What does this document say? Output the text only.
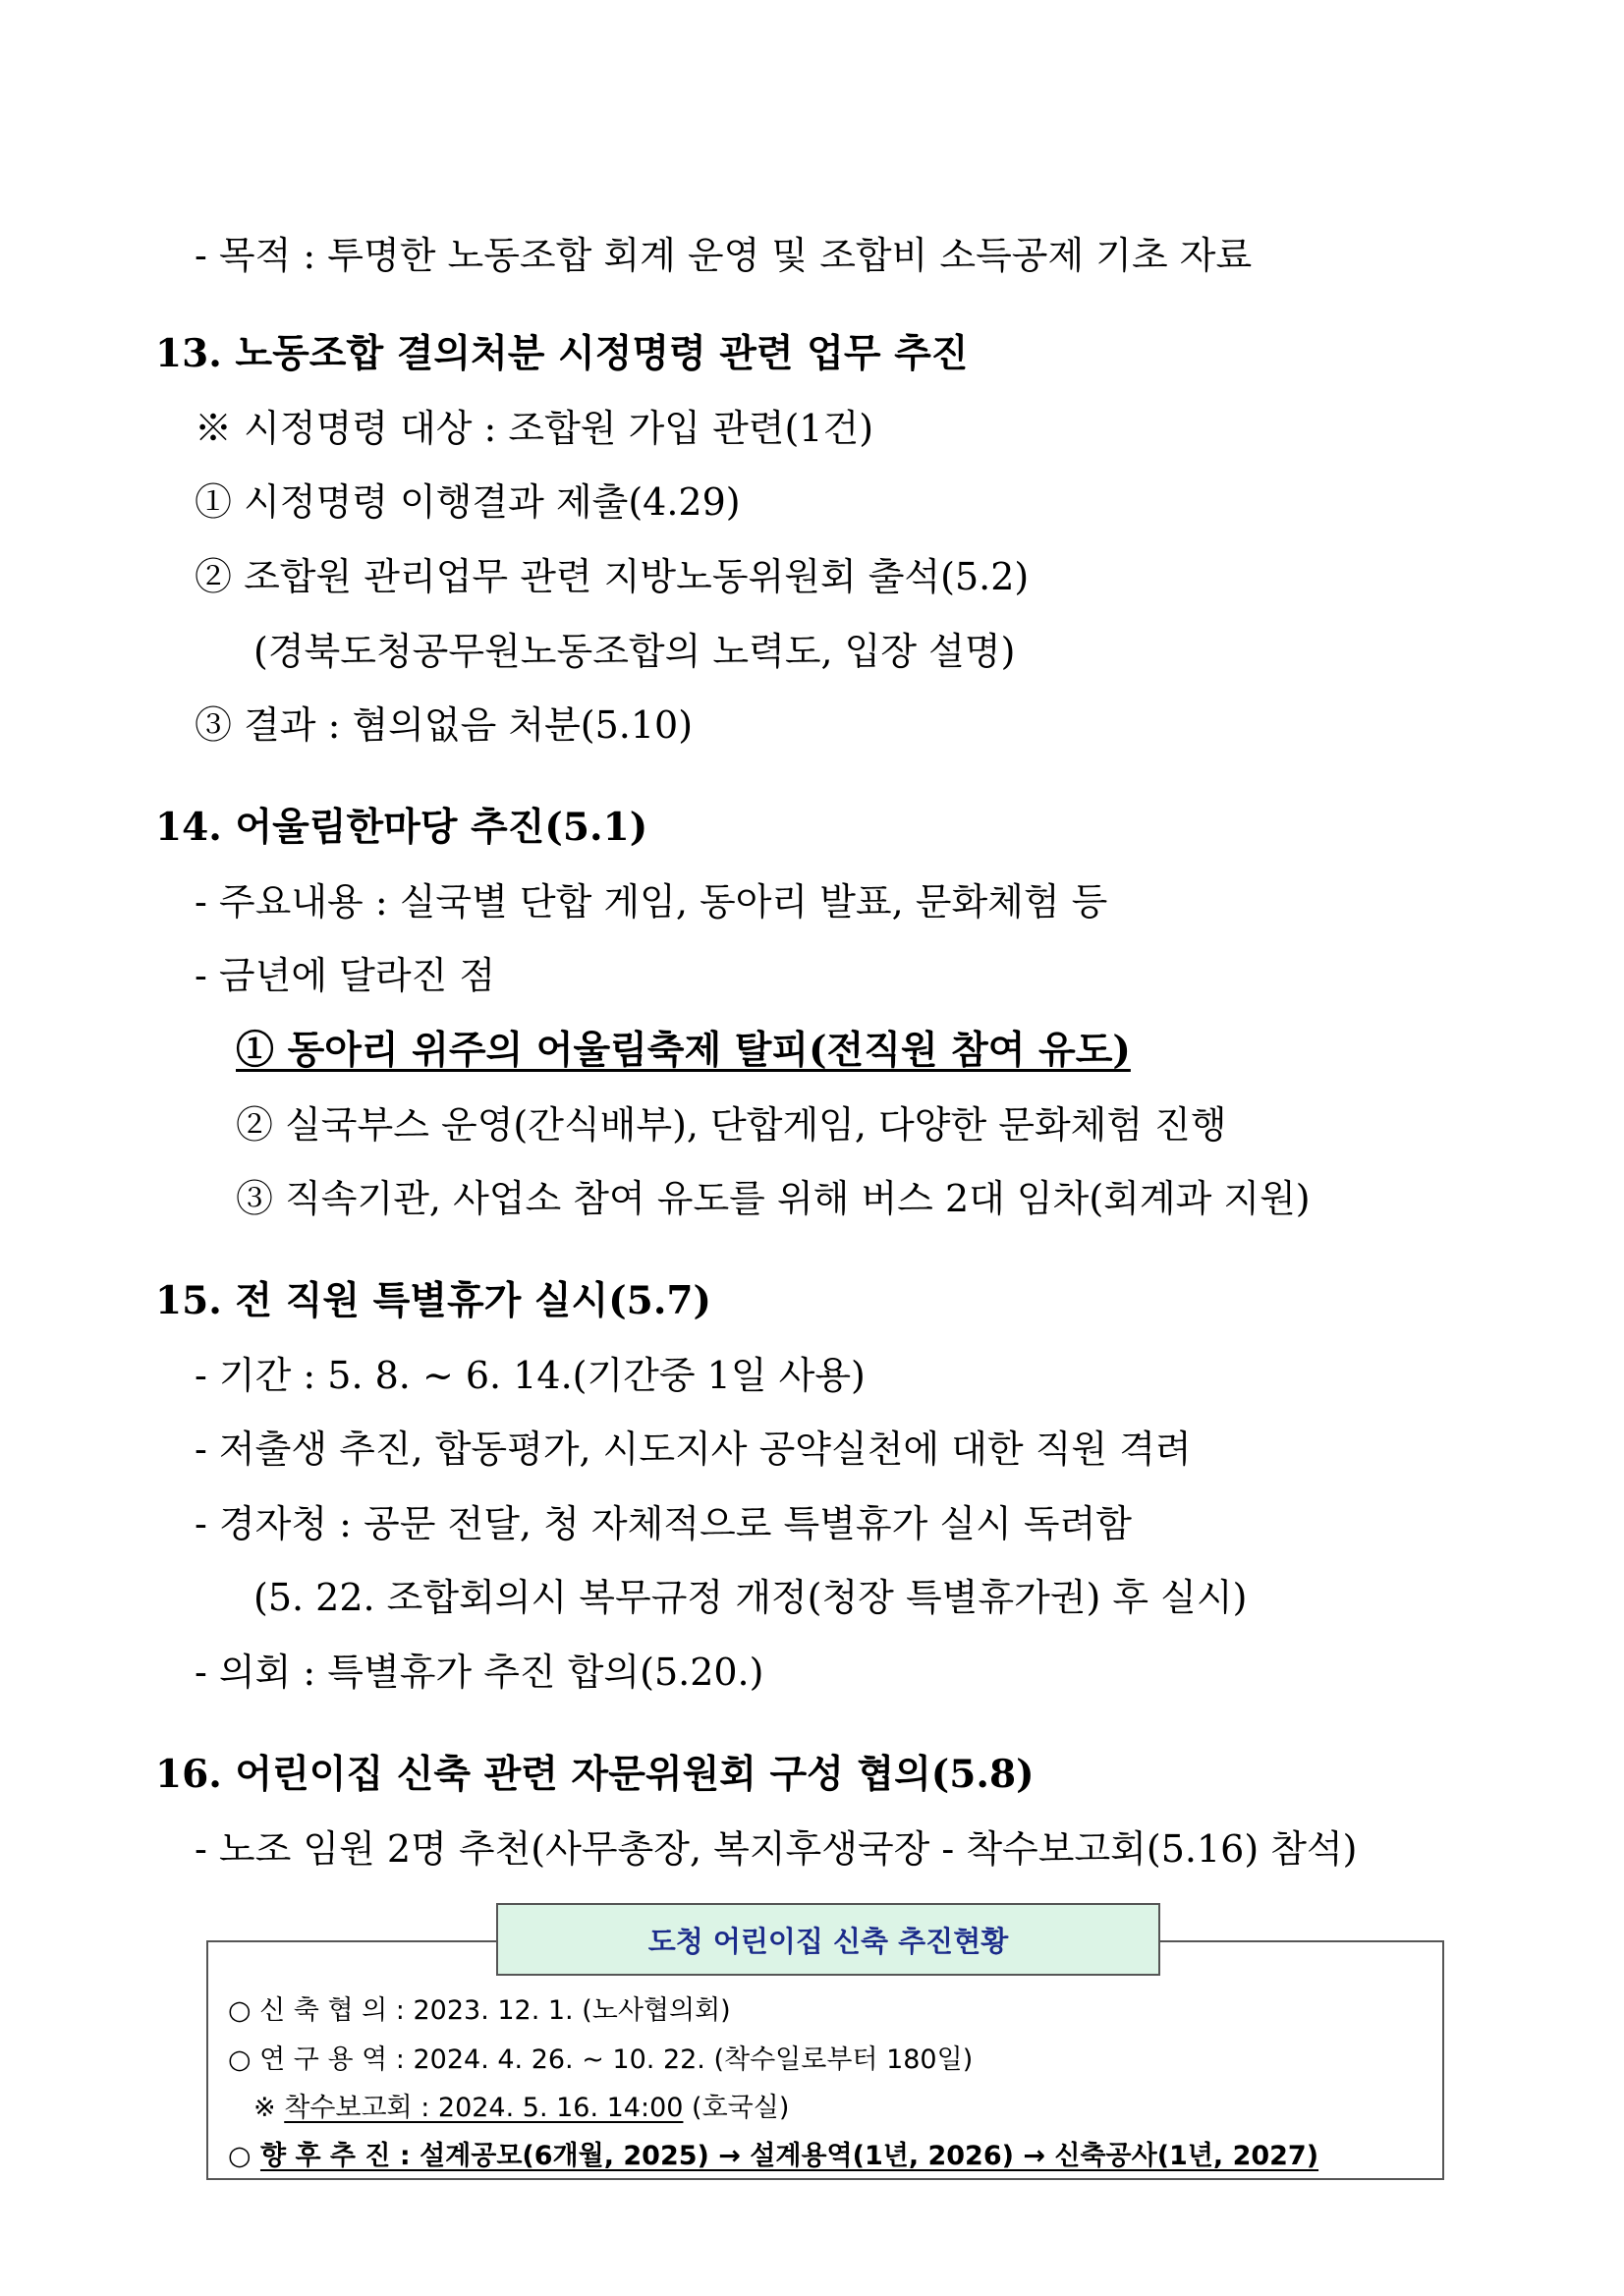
- 목적 : 투명한 노동조합 회계 운영 및 조합비 소득공제 기초 자료

13. 노동조합 결의처분 시정명령 관련 업무 추진

※ 시정명령 대상 : 조합원 가입 관련(1건)

① 시정명령 이행결과 제출(4.29)

② 조합원 관리업무 관련 지방노동위원회 출석(5.2)

(경북도청공무원노동조합의 노력도, 입장 설명)

③ 결과 : 혐의없음 처분(5.10)

14. 어울림한마당 추진(5.1)

- 주요내용 : 실국별 단합 게임, 동아리 발표, 문화체험 등

- 금년에 달라진 점

① 동아리 위주의 어울림축제 탈피(전직원 참여 유도)

② 실국부스 운영(간식배부), 단합게임, 다양한 문화체험 진행

③ 직속기관, 사업소 참여 유도를 위해 버스 2대 임차(회계과 지원)

15. 전 직원 특별휴가 실시(5.7)

- 기간 : 5. 8. ~ 6. 14.(기간중 1일 사용)

- 저출생 추진, 합동평가, 시도지사 공약실천에 대한 직원 격려

- 경자청 : 공문 전달, 청 자체적으로 특별휴가 실시 독려함

(5. 22. 조합회의시 복무규정 개정(청장 특별휴가권) 후 실시)

- 의회 : 특별휴가 추진 합의(5.20.)

16. 어린이집 신축 관련 자문위원회 구성 협의(5.8)

- 노조 임원 2명 추천(사무총장, 복지후생국장 - 착수보고회(5.16) 참석)

도청 어린이집 신축 추진현황

○ 신 축 협 의 : 2023. 12. 1. (노사협의회)

○ 연 구 용 역 : 2024. 4. 26. ~ 10. 22. (착수일로부터 180일)

※ 착수보고회 : 2024. 5. 16. 14:00 (호국실)

○ 향 후 추 진 : 설계공모(6개월, 2025) → 설계용역(1년, 2026) → 신축공사(1년, 2027)
